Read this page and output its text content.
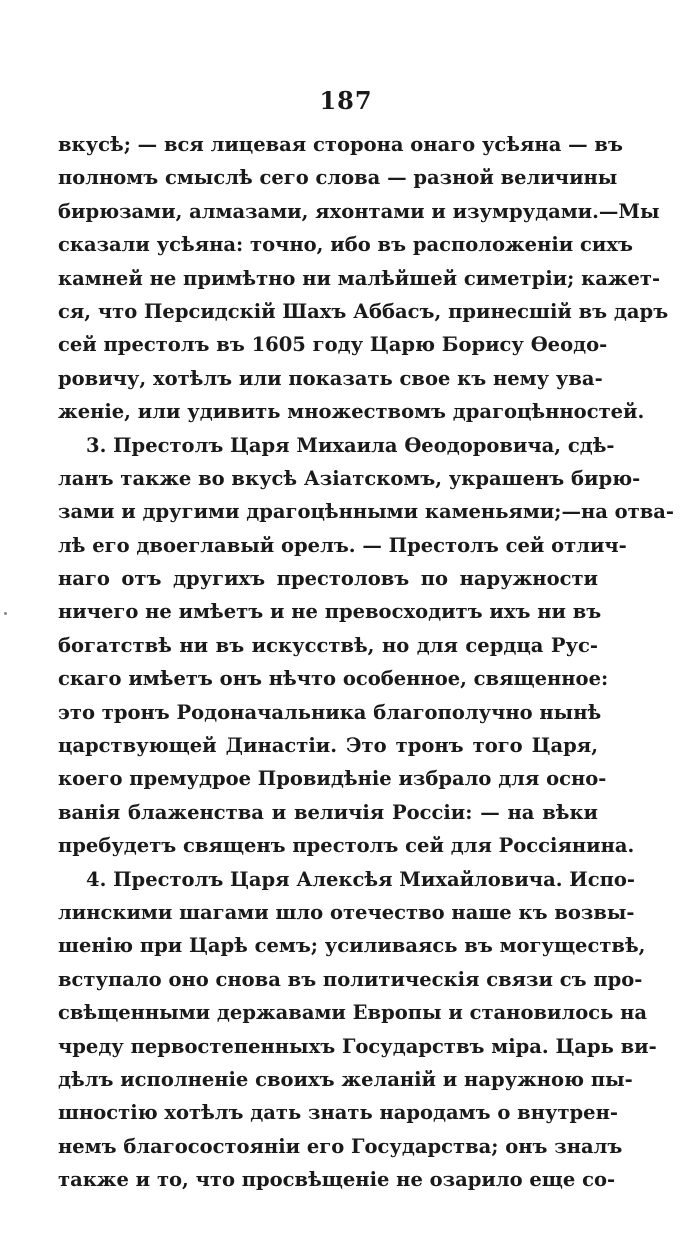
187
вкусѣ; — вся лицевая сторона онаго усѣяна — въ
полномъ смыслѣ сего слова — разной величины
бирюзами, алмазами, яхонтами и изумрудами.—Мы
сказали усѣяна: точно, ибо въ расположеніи сихъ
камней не примѣтно ни малѣйшей симетріи; кажет-
ся, что Персидскій Шахъ Аббасъ, принесшій въ даръ
сей престолъ въ 1605 году Царю Борису Өеодо-
ровичу, хотѣлъ или показать свое къ нему ува-
женіе, или удивить множествомъ драгоцѣнностей.
3. Престолъ Царя Михаила Өеодоровича, сдѣ-
ланъ также во вкусѣ Азіатскомъ, украшенъ бирю-
зами и другими драгоцѣнными каменьями;—на отва-
лѣ его двоеглавый орелъ. — Престолъ сей отлич-
наго отъ другихъ престоловъ по наружности
ничего не имѣетъ и не превосходитъ ихъ ни въ
богатствѣ ни въ искусствѣ, но для сердца Рус-
скаго имѣетъ онъ нѣчто особенное, священное:
это тронъ Родоначальника благополучно нынѣ
царствующей Династіи. Это тронъ того Царя,
коего премудрое Провидѣніе избрало для осно-
ванія блаженства и величія Россіи: — на вѣки
пребудетъ священъ престолъ сей для Россіянина.
4. Престолъ Царя Алексѣя Михайловича. Испо-
линскими шагами шло отечество наше къ возвы-
шенію при Царѣ семъ; усиливаясь въ могуществѣ,
вступало оно снова въ политическія связи съ про-
свѣщенными державами Европы и становилось на
чреду первостепенныхъ Государствъ міра. Царь ви-
дѣлъ исполненіе своихъ желаній и наружною пы-
шностію хотѣлъ дать знать народамъ о внутрен-
немъ благосостояніи его Государства; онъ зналъ
также и то, что просвѣщеніе не озарило еще со-
